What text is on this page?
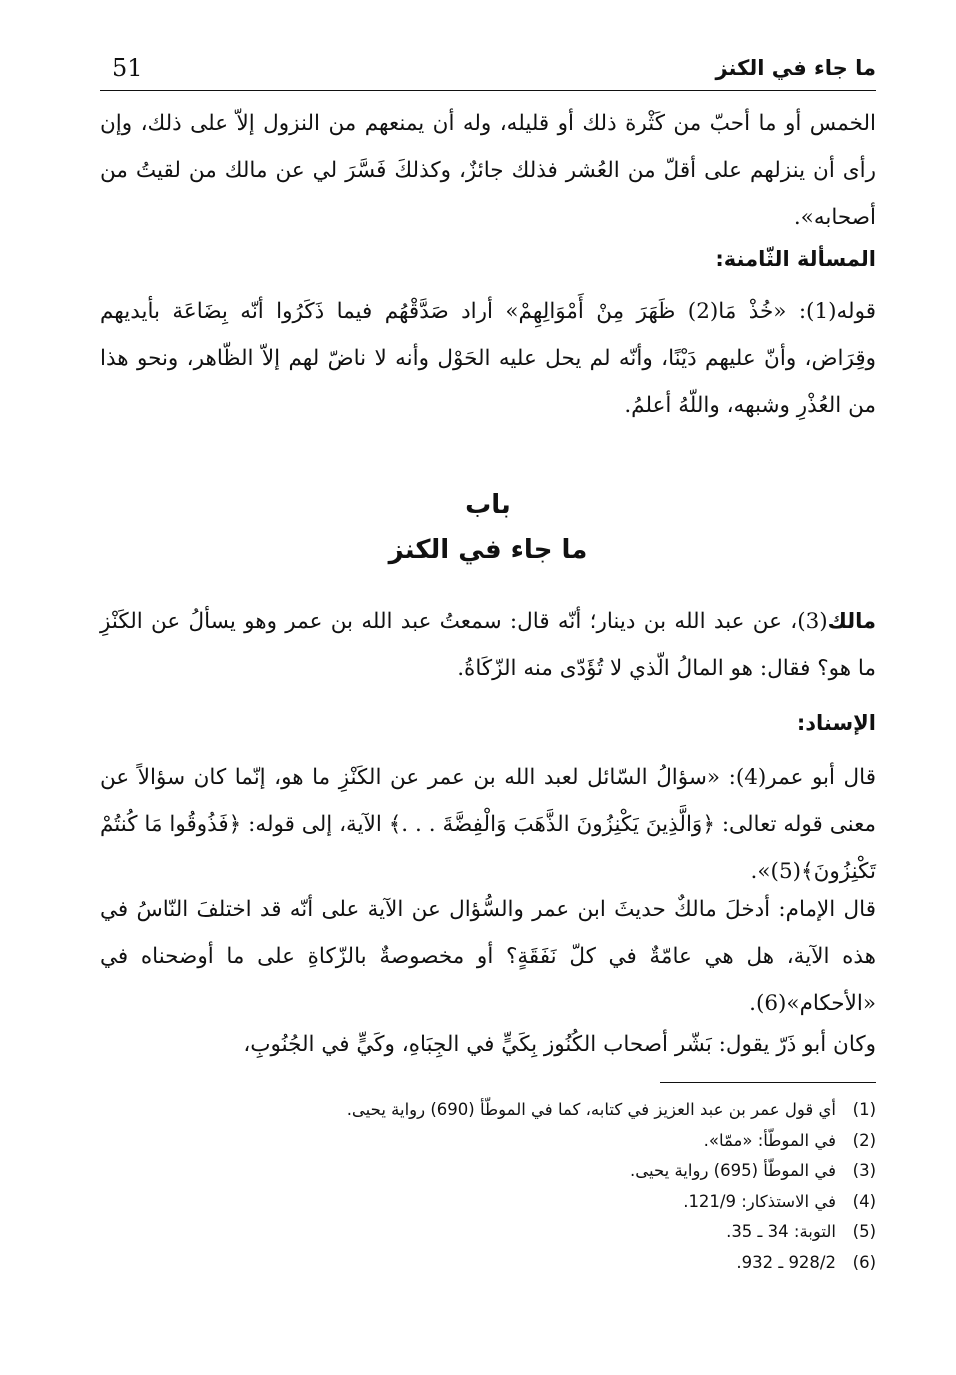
51	ما جاء في الكنز

الخمس أو ما أحبّ من كَثْرة ذلك أو قليله، وله أن يمنعهم من النزول إلاّ على ذلك، وإن رأى أن ينزلهم على أقلّ من العُشر فذلك جائزٌ، وكذلكَ فَسَّرَ لي عن مالك من لقيتُ من أصحابه».

المسألة الثّامنة:

قوله(1): «خُذْ مَا(2) ظَهَرَ مِنْ أَمْوَالِهِمْ» أراد صَدَّقْهُم فيما ذَكَرُوا أنّه بِضَاعَة بأيديهم وقِرَاض، وأنّ عليهم دَيْنًا، وأنّه لم يحل عليه الحَوْل وأنه لا ناضّ لهم إلاّ الظّاهر، ونحو هذا من العُذْرِ وشبهه، واللّهُ أعلمُ.

باب
ما جاء في الكنز

مالك(3)، عن عبد الله بن دينار؛ أنّه قال: سمعتُ عبد الله بن عمر وهو يسألُ عن الكَنْزِ ما هو؟ فقال: هو المالُ الّذي لا تُؤَدّى منه الزّكَاةُ.

الإسناد:

قال أبو عمر(4): «سؤالُ السّائل لعبد الله بن عمر عن الكَنْزِ ما هو، إنّما كان سؤالاً عن معنى قوله تعالى: ﴿وَالَّذِينَ يَكْنِزُونَ الذَّهَبَ وَالْفِضَّةَ . . .﴾ الآية، إلى قوله: ﴿فَذُوقُوا مَا كُنتُمْ تَكْنِزُونَ﴾(5)».

قال الإمام: أدخلَ مالكٌ حديثَ ابن عمر والسُّؤال عن الآية على أنّه قد اختلفَ النّاسُ في هذه الآية، هل هي عامّةٌ في كلّ نَفَقَةٍ؟ أو مخصوصةٌ بالزّكاةِ على ما أوضحناه في «الأحكام»(6).

وكان أبو ذَرّ يقول: بَشّر أصحاب الكُنُوز بِكَيٍّ في الجِبَاهِ، وكَيٍّ في الجُنُوبِ،

(1)أي قول عمر بن عبد العزيز في كتابه، كما في الموطّأ (690) رواية يحيى.
(2)في الموطّأ: «ممّا».
(3)في الموطّأ (695) رواية يحيى.
(4)في الاستذكار: 121/9.
(5)التوبة: 34 ـ 35.
(6)928/2 ـ 932.
